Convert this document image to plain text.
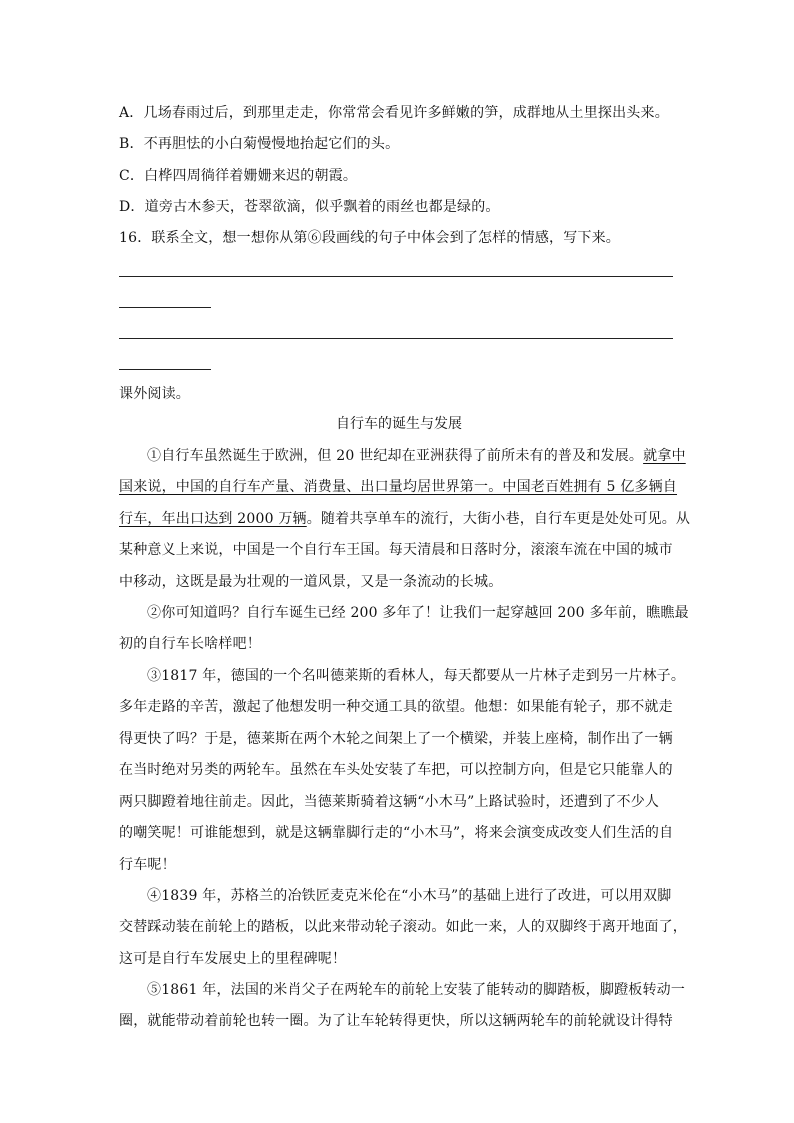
A．几场春雨过后，到那里走走，你常常会看见许多鲜嫩的笋，成群地从土里探出头来。
B．不再胆怯的小白菊慢慢地抬起它们的头。
C．白桦四周徜徉着姗姗来迟的朝霞。
D．道旁古木参天，苍翠欲滴，似乎飘着的雨丝也都是绿的。
16．联系全文，想一想你从第⑥段画线的句子中体会到了怎样的情感，写下来。
课外阅读。
自行车的诞生与发展
①自行车虽然诞生于欧洲，但 20 世纪却在亚洲获得了前所未有的普及和发展。就拿中
国来说，中国的自行车产量、消费量、出口量均居世界第一。中国老百姓拥有 5 亿多辆自
行车，年出口达到 2000 万辆。随着共享单车的流行，大街小巷，自行车更是处处可见。从
某种意义上来说，中国是一个自行车王国。每天清晨和日落时分，滚滚车流在中国的城市
中移动，这既是最为壮观的一道风景，又是一条流动的长城。
②你可知道吗？自行车诞生已经 200 多年了！让我们一起穿越回 200 多年前，瞧瞧最
初的自行车长啥样吧！
③1817 年，德国的一个名叫德莱斯的看林人，每天都要从一片林子走到另一片林子。
多年走路的辛苦，激起了他想发明一种交通工具的欲望。他想：如果能有轮子，那不就走
得更快了吗？于是，德莱斯在两个木轮之间架上了一个横梁，并装上座椅，制作出了一辆
在当时绝对另类的两轮车。虽然在车头处安装了车把，可以控制方向，但是它只能靠人的
两只脚蹬着地往前走。因此，当德莱斯骑着这辆“小木马”上路试验时，还遭到了不少人
的嘲笑呢！可谁能想到，就是这辆靠脚行走的“小木马”，将来会演变成改变人们生活的自
行车呢！
④1839 年，苏格兰的冶铁匠麦克米伦在“小木马”的基础上进行了改进，可以用双脚
交替踩动装在前轮上的踏板，以此来带动轮子滚动。如此一来，人的双脚终于离开地面了，
这可是自行车发展史上的里程碑呢！
⑤1861 年，法国的米肖父子在两轮车的前轮上安装了能转动的脚踏板，脚蹬板转动一
圈，就能带动着前轮也转一圈。为了让车轮转得更快，所以这辆两轮车的前轮就设计得特
